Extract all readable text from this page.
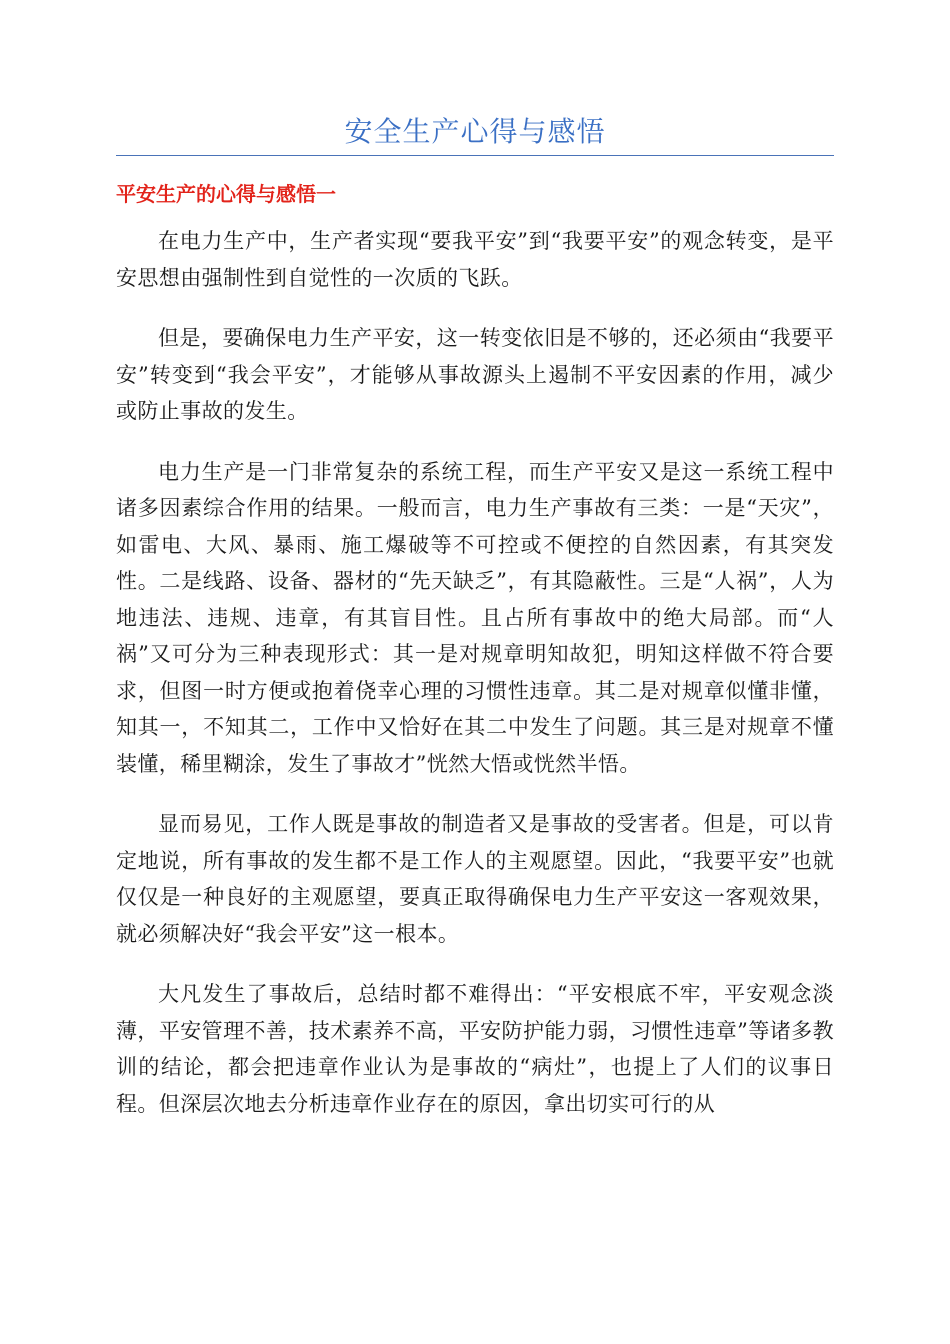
安全生产心得与感悟
平安生产的心得与感悟一

在电力生产中，生产者实现“要我平安”到“我要平安”的观念转变，是平安思想由强制性到自觉性的一次质的飞跃。

但是，要确保电力生产平安，这一转变依旧是不够的，还必须由“我要平安”转变到“我会平安”，才能够从事故源头上遏制不平安因素的作用，减少或防止事故的发生。

电力生产是一门非常复杂的系统工程，而生产平安又是这一系统工程中诸多因素综合作用的结果。一般而言，电力生产事故有三类：一是“天灾”，如雷电、大风、暴雨、施工爆破等不可控或不便控的自然因素，有其突发性。二是线路、设备、器材的“先天缺乏”，有其隐蔽性。三是“人祸”，人为地违法、违规、违章，有其盲目性。且占所有事故中的绝大局部。而“人祸”又可分为三种表现形式：其一是对规章明知故犯，明知这样做不符合要求，但图一时方便或抱着侥幸心理的习惯性违章。其二是对规章似懂非懂，知其一，不知其二，工作中又恰好在其二中发生了问题。其三是对规章不懂装懂，稀里糊涂，发生了事故才”恍然大悟或恍然半悟。

显而易见，工作人既是事故的制造者又是事故的受害者。但是，可以肯定地说，所有事故的发生都不是工作人的主观愿望。因此，“我要平安”也就仅仅是一种良好的主观愿望，要真正取得确保电力生产平安这一客观效果，就必须解决好“我会平安”这一根本。

大凡发生了事故后，总结时都不难得出：“平安根底不牢，平安观念淡薄，平安管理不善，技术素养不高，平安防护能力弱，习惯性违章”等诸多教训的结论，都会把违章作业认为是事故的“病灶”，也提上了人们的议事日程。但深层次地去分析违章作业存在的原因，拿出切实可行的从
